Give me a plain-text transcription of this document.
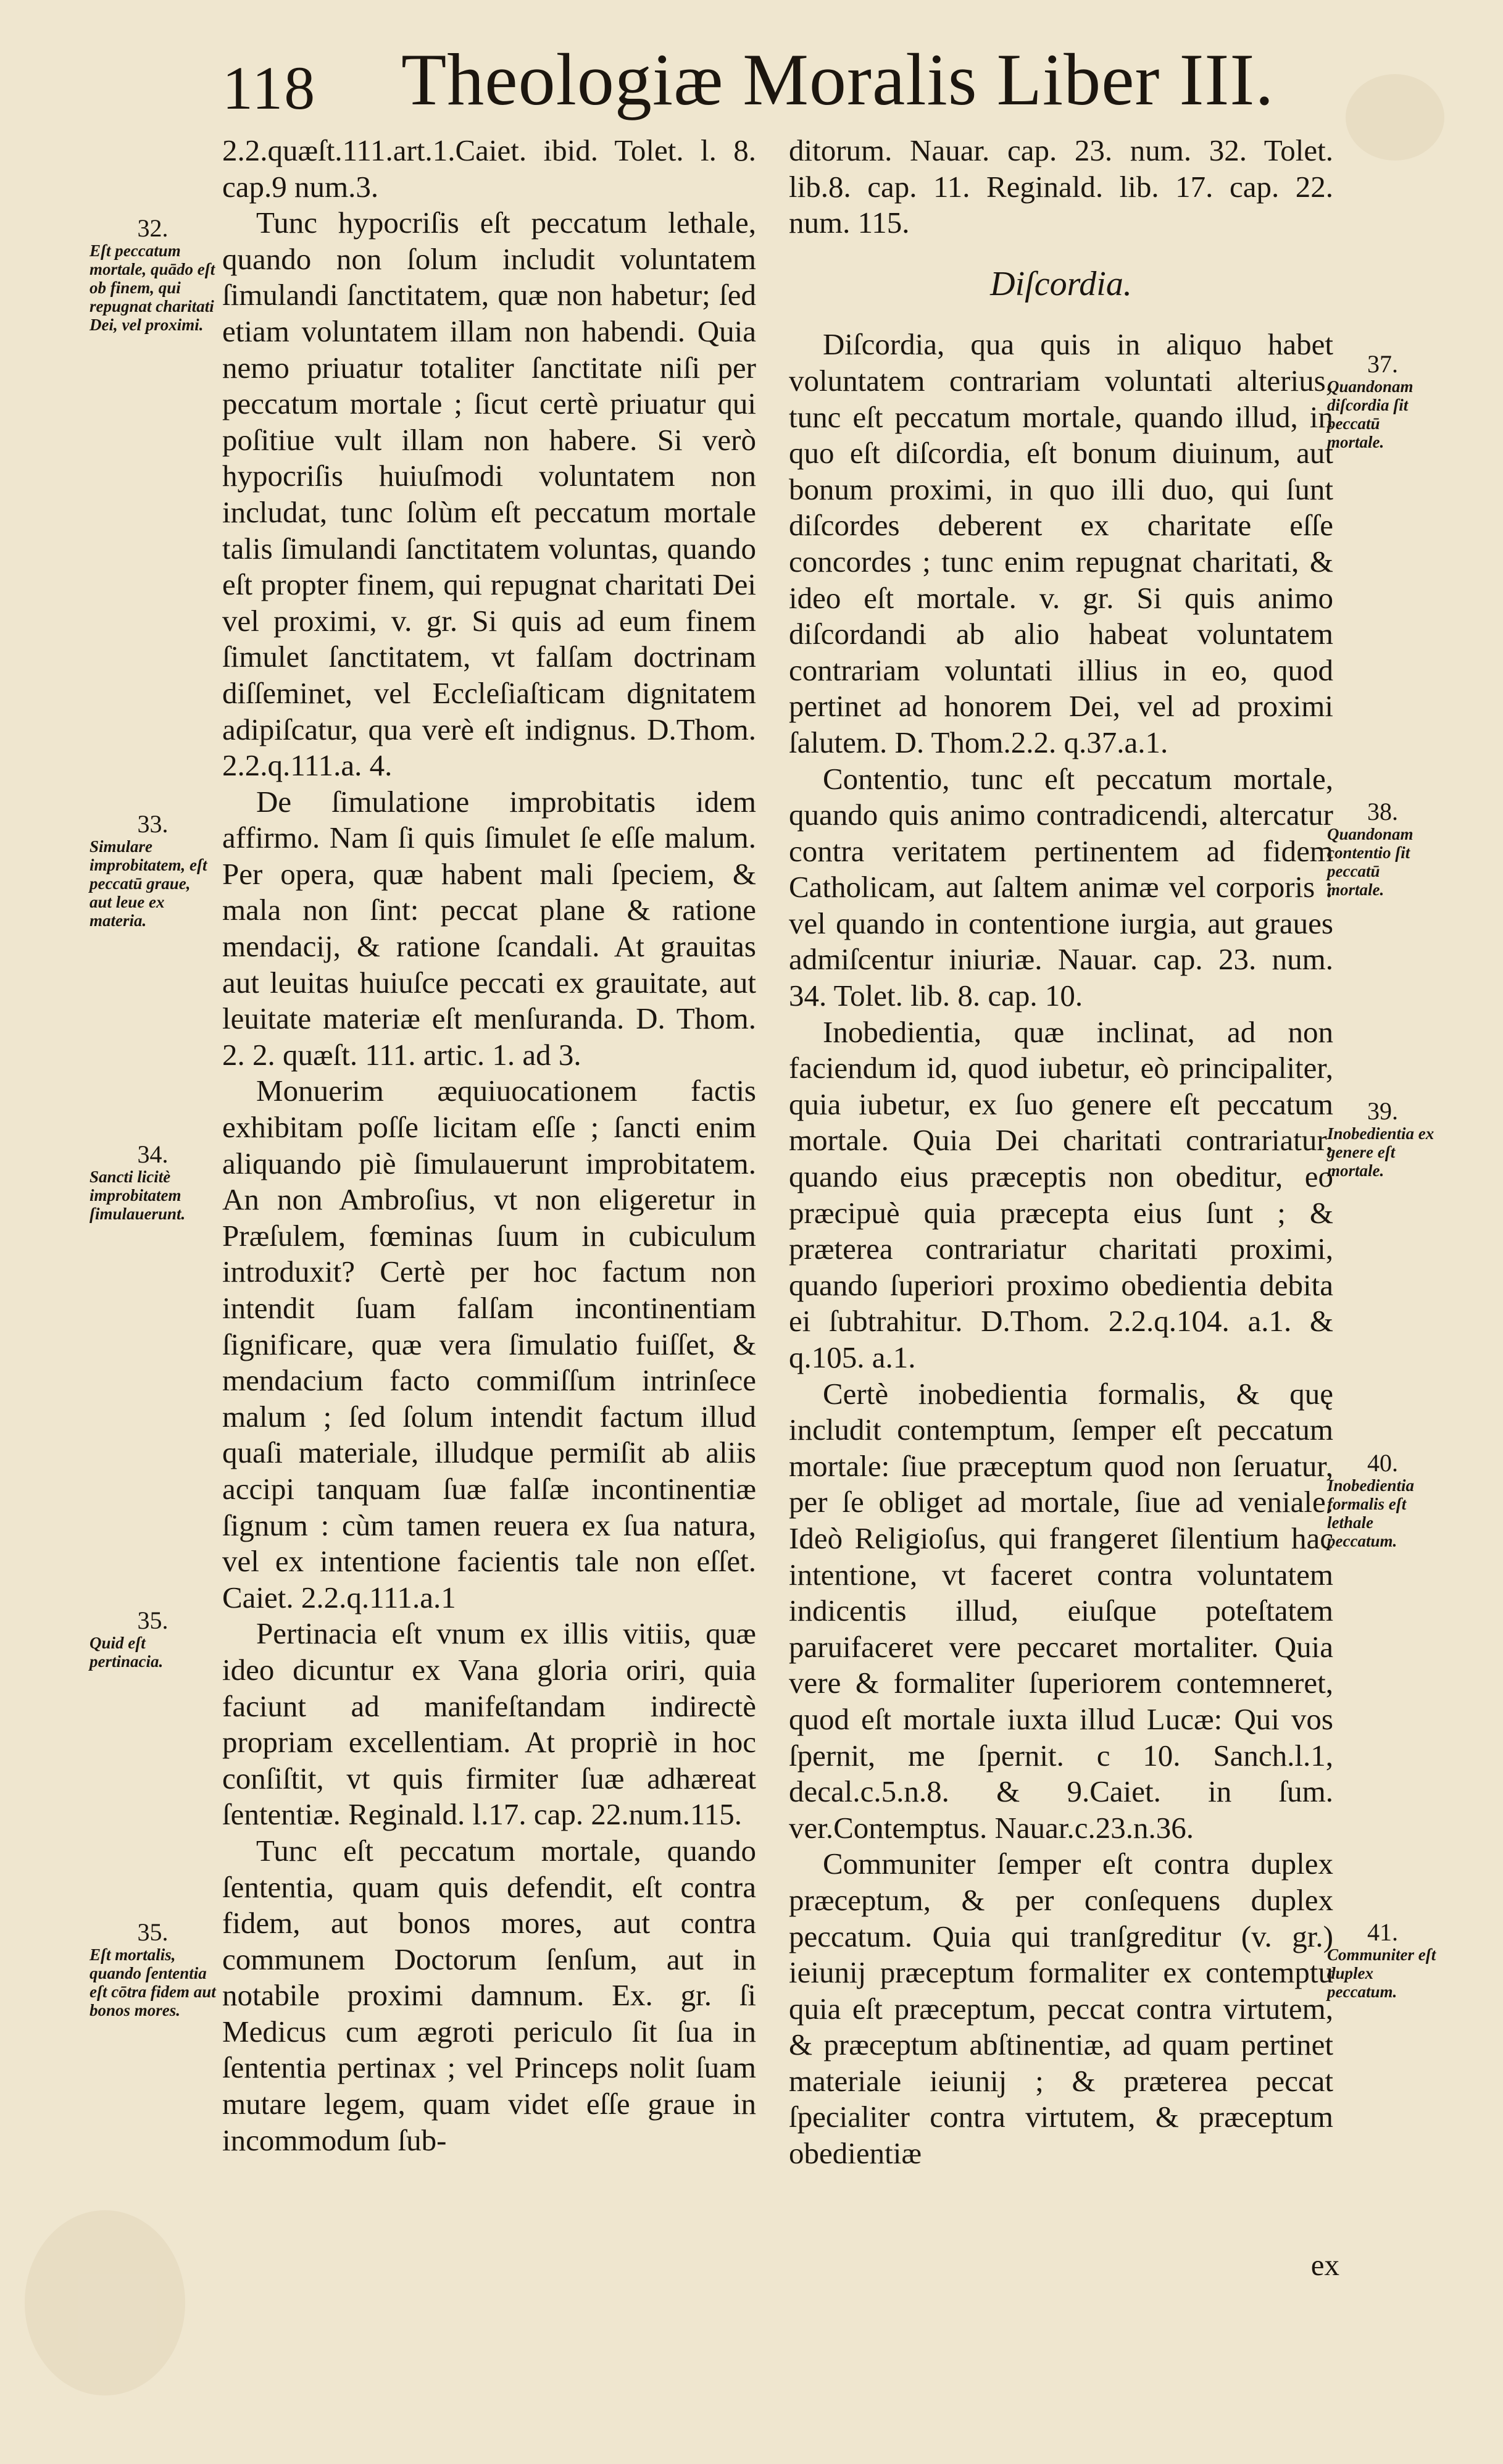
118 Theologiæ Moralis Liber III.

2.2.quæſt.111.art.1.Caiet. ibid. Tolet. l. 8. cap.9 num.3.

Tunc hypocriſis eſt peccatum lethale, quando non ſolum includit voluntatem ſimulandi ſanctitatem, quæ non habetur; ſed etiam voluntatem illam non habendi. Quia nemo priuatur totaliter ſanctitate niſi per peccatum mortale ; ſicut certè priuatur qui poſitiue vult illam non habere. Si verò hypocriſis huiuſmodi voluntatem non includat, tunc ſolùm eſt peccatum mortale talis ſimulandi ſanctitatem voluntas, quando eſt propter finem, qui repugnat charitati Dei vel proximi, v. gr. Si quis ad eum finem ſimulet ſanctitatem, vt falſam doctrinam diſſeminet, vel Eccleſiaſticam dignitatem adipiſcatur, qua verè eſt indignus. D.Thom. 2.2.q.111.a. 4.

De ſimulatione improbitatis idem affirmo. Nam ſi quis ſimulet ſe eſſe malum. Per opera, quæ habent mali ſpeciem, & mala non ſint: peccat plane & ratione mendacij, & ratione ſcandali. At grauitas aut leuitas huiuſce peccati ex grauitate, aut leuitate materiæ eſt menſuranda. D. Thom. 2. 2. quæſt. 111. artic. 1. ad 3.

Monuerim æquiuocationem factis exhibitam poſſe licitam eſſe ; ſancti enim aliquando piè ſimulauerunt improbitatem. An non Ambroſius, vt non eligeretur in Præſulem, fœminas ſuum in cubiculum introduxit? Certè per hoc factum non intendit ſuam falſam incontinentiam ſignificare, quæ vera ſimulatio fuiſſet, & mendacium facto commiſſum intrinſece malum ; ſed ſolum intendit factum illud quaſi materiale, illudque permiſit ab aliis accipi tanquam ſuæ falſæ incontinentiæ ſignum : cùm tamen reuera ex ſua natura, vel ex intentione facientis tale non eſſet. Caiet. 2.2.q.111.a.1

Pertinacia eſt vnum ex illis vitiis, quæ ideo dicuntur ex Vana gloria oriri, quia faciunt ad manifeſtandam indirectè propriam excellentiam. At propriè in hoc conſiſtit, vt quis firmiter ſuæ adhæreat ſententiæ. Reginald. l.17. cap. 22.num.115.

Tunc eſt peccatum mortale, quando ſententia, quam quis defendit, eſt contra fidem, aut bonos mores, aut contra communem Doctorum ſenſum, aut in notabile proximi damnum. Ex. gr. ſi Medicus cum ægroti periculo ſit ſua in ſententia pertinax ; vel Princeps nolit ſuam mutare legem, quam videt eſſe graue in incommodum ſub-

ditorum. Nauar. cap. 23. num. 32. Tolet. lib.8. cap. 11. Reginald. lib. 17. cap. 22. num. 115.

Diſcordia.

Diſcordia, qua quis in aliquo habet voluntatem contrariam voluntati alterius, tunc eſt peccatum mortale, quando illud, in quo eſt diſcordia, eſt bonum diuinum, aut bonum proximi, in quo illi duo, qui ſunt diſcordes deberent ex charitate eſſe concordes ; tunc enim repugnat charitati, & ideo eſt mortale. v. gr. Si quis animo diſcordandi ab alio habeat voluntatem contrariam voluntati illius in eo, quod pertinet ad honorem Dei, vel ad proximi ſalutem. D. Thom.2.2. q.37.a.1.

Contentio, tunc eſt peccatum mortale, quando quis animo contradicendi, altercatur contra veritatem pertinentem ad fidem Catholicam, aut ſaltem animæ vel corporis : vel quando in contentione iurgia, aut graues admiſcentur iniuriæ. Nauar. cap. 23. num. 34. Tolet. lib. 8. cap. 10.

Inobedientia, quæ inclinat, ad non faciendum id, quod iubetur, eò principaliter, quia iubetur, ex ſuo genere eſt peccatum mortale. Quia Dei charitati contrariatur, quando eius præceptis non obeditur, eo præcipuè quia præcepta eius ſunt ; & præterea contrariatur charitati proximi, quando ſuperiori proximo obedientia debita ei ſubtrahitur. D.Thom. 2.2.q.104. a.1. & q.105. a.1.

Certè inobedientia formalis, & quę includit contemptum, ſemper eſt peccatum mortale: ſiue præceptum quod non ſeruatur, per ſe obliget ad mortale, ſiue ad veniale. Ideò Religioſus, qui frangeret ſilentium hac intentione, vt faceret contra voluntatem indicentis illud, eiuſque poteſtatem paruifaceret vere peccaret mortaliter. Quia vere & formaliter ſuperiorem contemneret, quod eſt mortale iuxta illud Lucæ: Qui vos ſpernit, me ſpernit. c 10. Sanch.l.1, decal.c.5.n.8. & 9.Caiet. in ſum. ver.Contemptus. Nauar.c.23.n.36.

Communiter ſemper eſt contra duplex præceptum, & per conſequens duplex peccatum. Quia qui tranſgreditur (v. gr.) ieiunij præceptum formaliter ex contemptu quia eſt præceptum, peccat contra virtutem, & præceptum abſtinentiæ, ad quam pertinet materiale ieiunij ; & præterea peccat ſpecialiter contra virtutem, & præceptum obedientiæ

ex
32.
Eſt peccatum mortale, quādo eſt ob finem, qui repugnat charitati Dei, vel proximi.
33.
Simulare improbitatem, eſt peccatū graue, aut leue ex materia.
34.
Sancti licitè improbitatem ſimulauerunt.
35.
Quid eſt pertinacia.
35.
Eſt mortalis, quando ſententia eſt cōtra fidem aut bonos mores.
37.
Quandonam diſcordia ſit peccatū mortale.
38.
Quandonam contentio ſit peccatū mortale.
39.
Inobedientia ex genere eſt mortale.
40.
Inobedientia formalis eſt lethale peccatum.
41.
Communiter eſt duplex peccatum.
